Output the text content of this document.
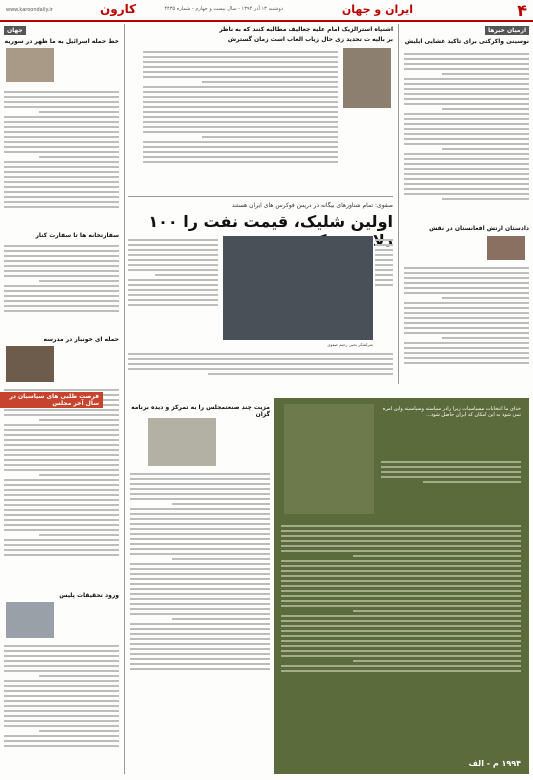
۴
ایران و جهان
دوشنبه ۱۳ آذر ۱۳۹۴ - سال بیست و چهارم - شماره ۴۴۳۵
کارون
www.karoondaily.ir
ازمیان خبرها
نوسینی واکرکتی برای تاکید غشایی ایلیش
دادستان ارتش افغانستان در نقش
جهان
خط حمله اسرائیل به ما ظهر در سوریه
سفارتخانه ها تا سفارت کنار
حمله ای خونبار در مدرسه
ورود تحقیقات پلیس
اشتیاه استرالزیک امام علیه جعالیف مطالبه کنند که به ناظر
بر بالیه ت تحدید زی حال زیاب الغاب است زمان گسترش
صفوی: تمام شناورهای بیگانه در دریس فوکرس های ایران هستند
اولین شلیک، قیمت نفت را ۱۰۰
سرلشکر یحیی رحیم صفوی
فرصت طلبی های سیاسیان در سال آخر مجلس
مزیت چند صنعتمجلس را به تمرکز و دیده برنامه گزان
خدای ما انتخابات مسیاسیات زیرا رادر سیاسته وسیاسیته واین امره نمی شود به این امکان که ایران حاصل شود...
۱۹۹۴ م - الف
